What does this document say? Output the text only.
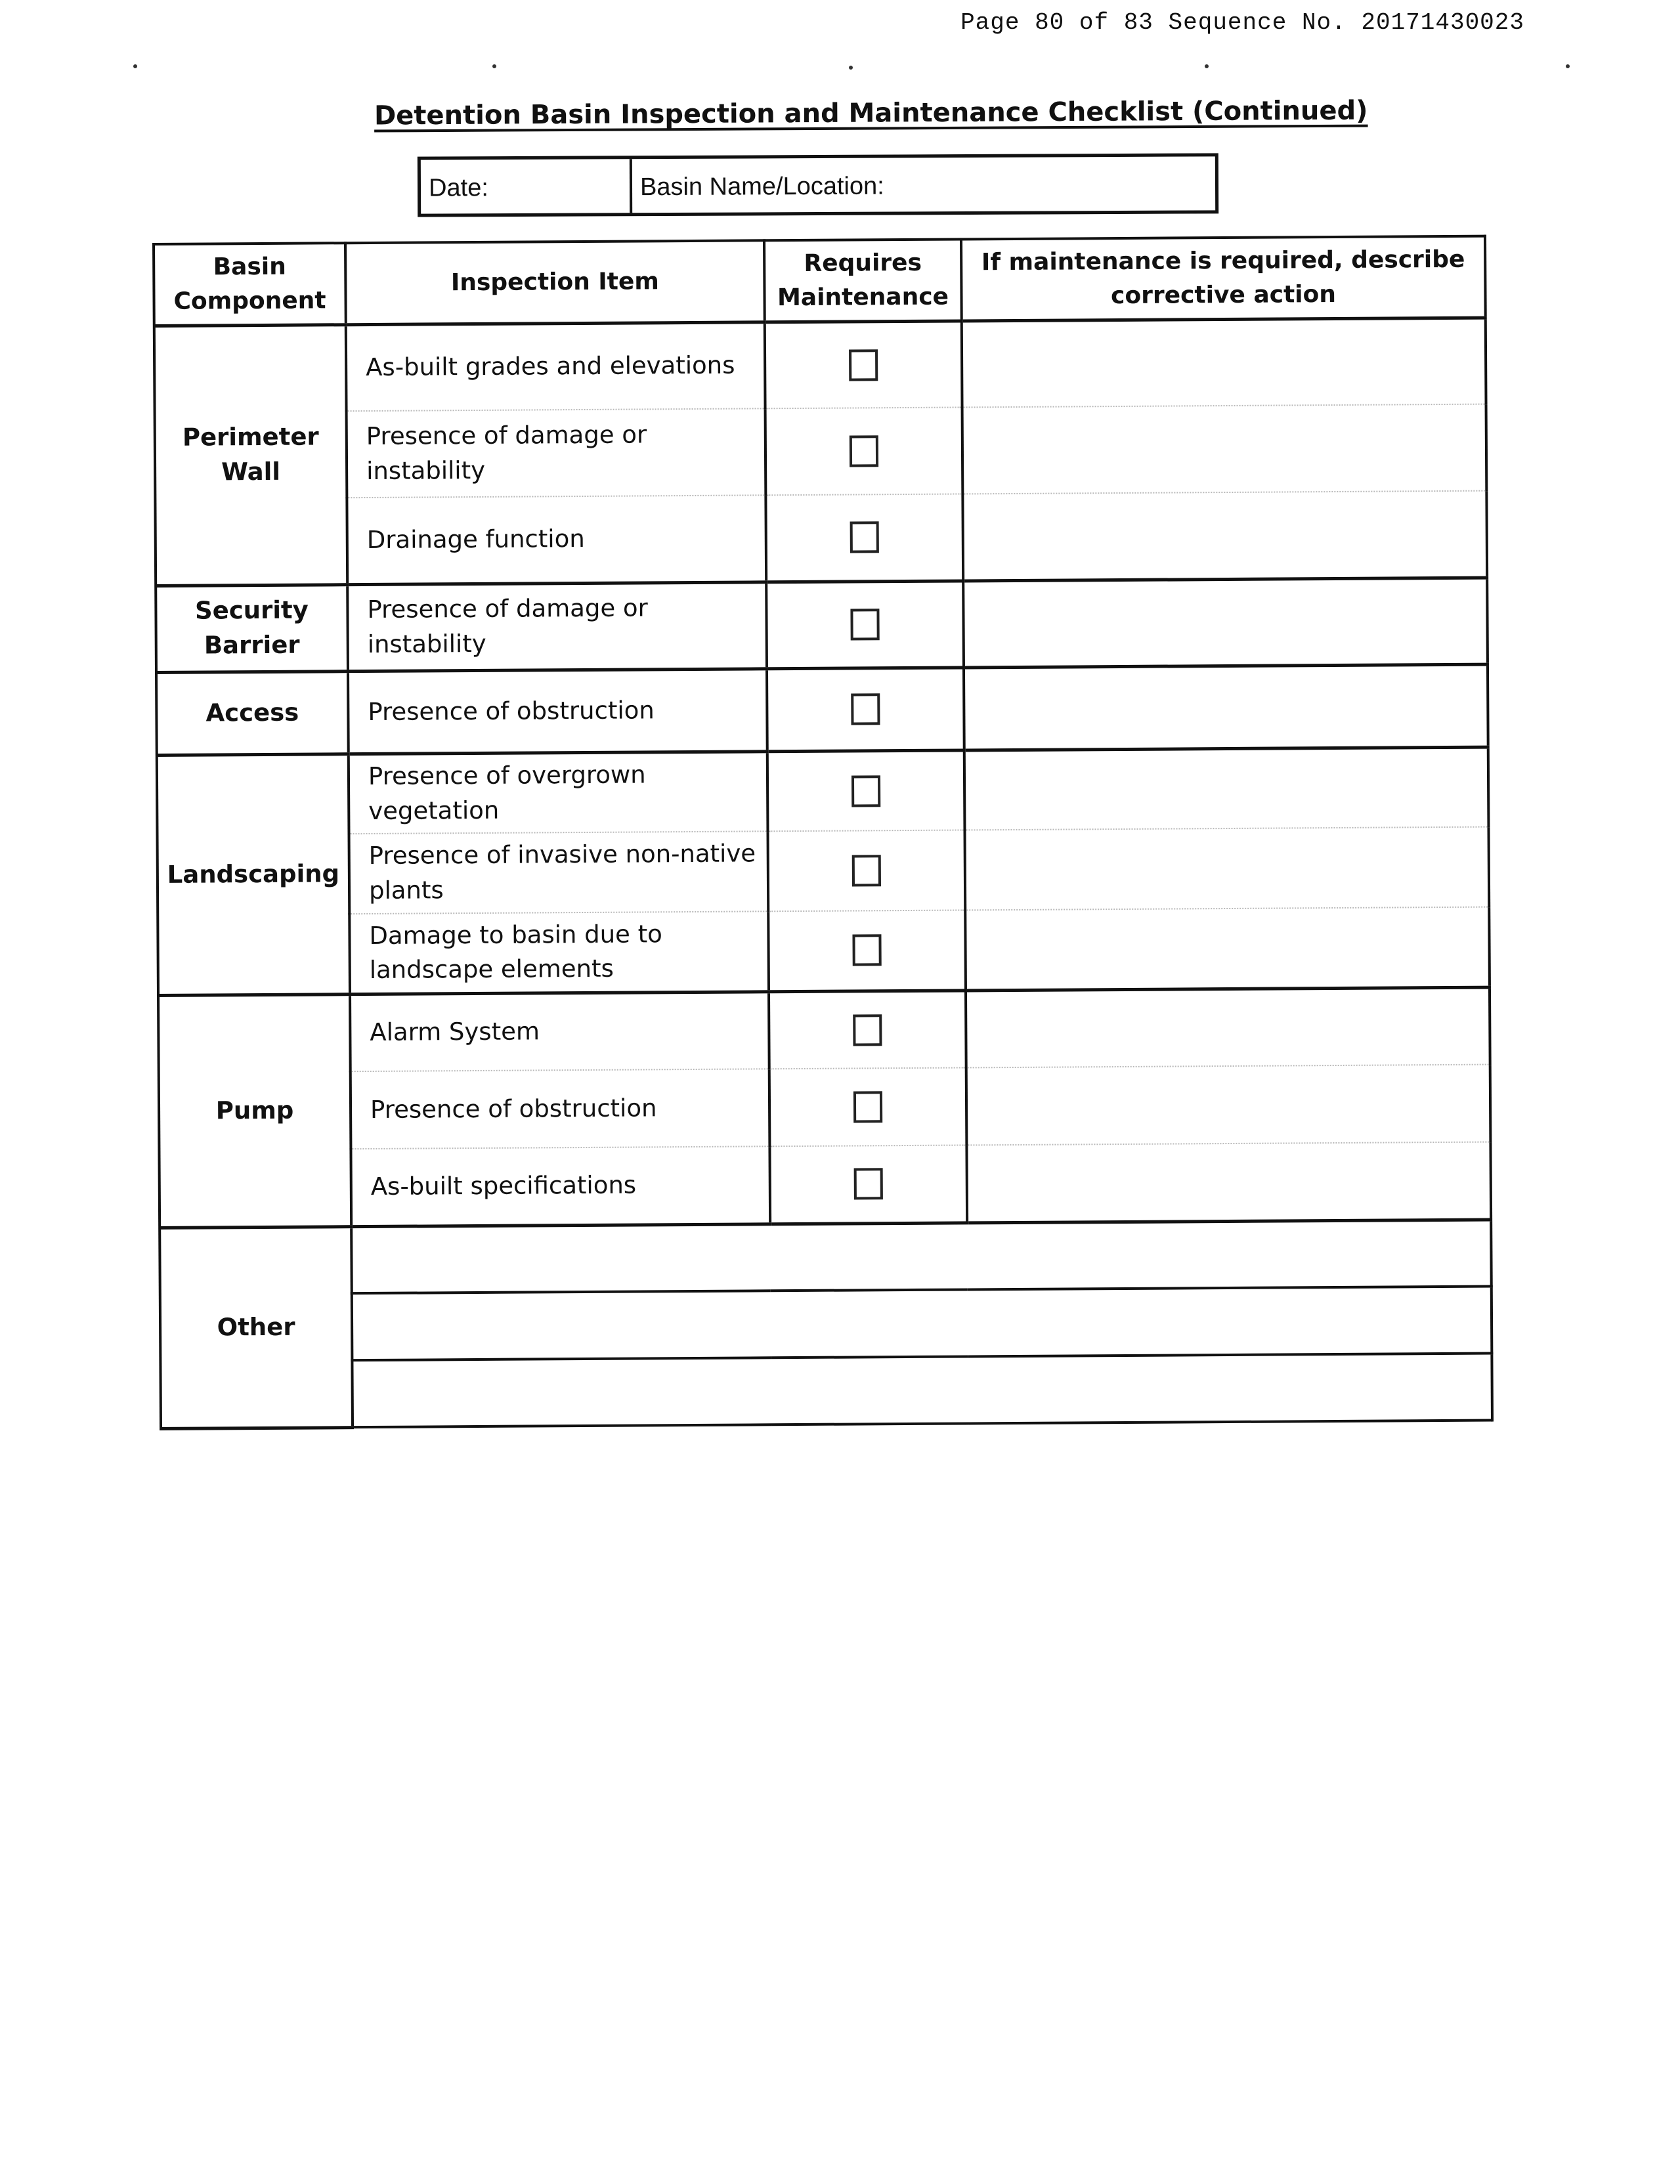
Page 80 of 83 Sequence No. 20171430023
Detention Basin Inspection and Maintenance Checklist (Continued)
Date:	Basin Name/Location:
Basin Component	Inspection Item	Requires Maintenance	If maintenance is required, describe corrective action
Perimeter Wall	As-built grades and elevations		
	Presence of damage or instability		
	Drainage function		
Security Barrier	Presence of damage or instability		
Access	Presence of obstruction		
Landscaping	Presence of overgrown vegetation		
	Presence of invasive non-native plants		
	Damage to basin due to landscape elements		
Pump	Alarm System		
	Presence of obstruction		
	As-built specifications		
Other			
